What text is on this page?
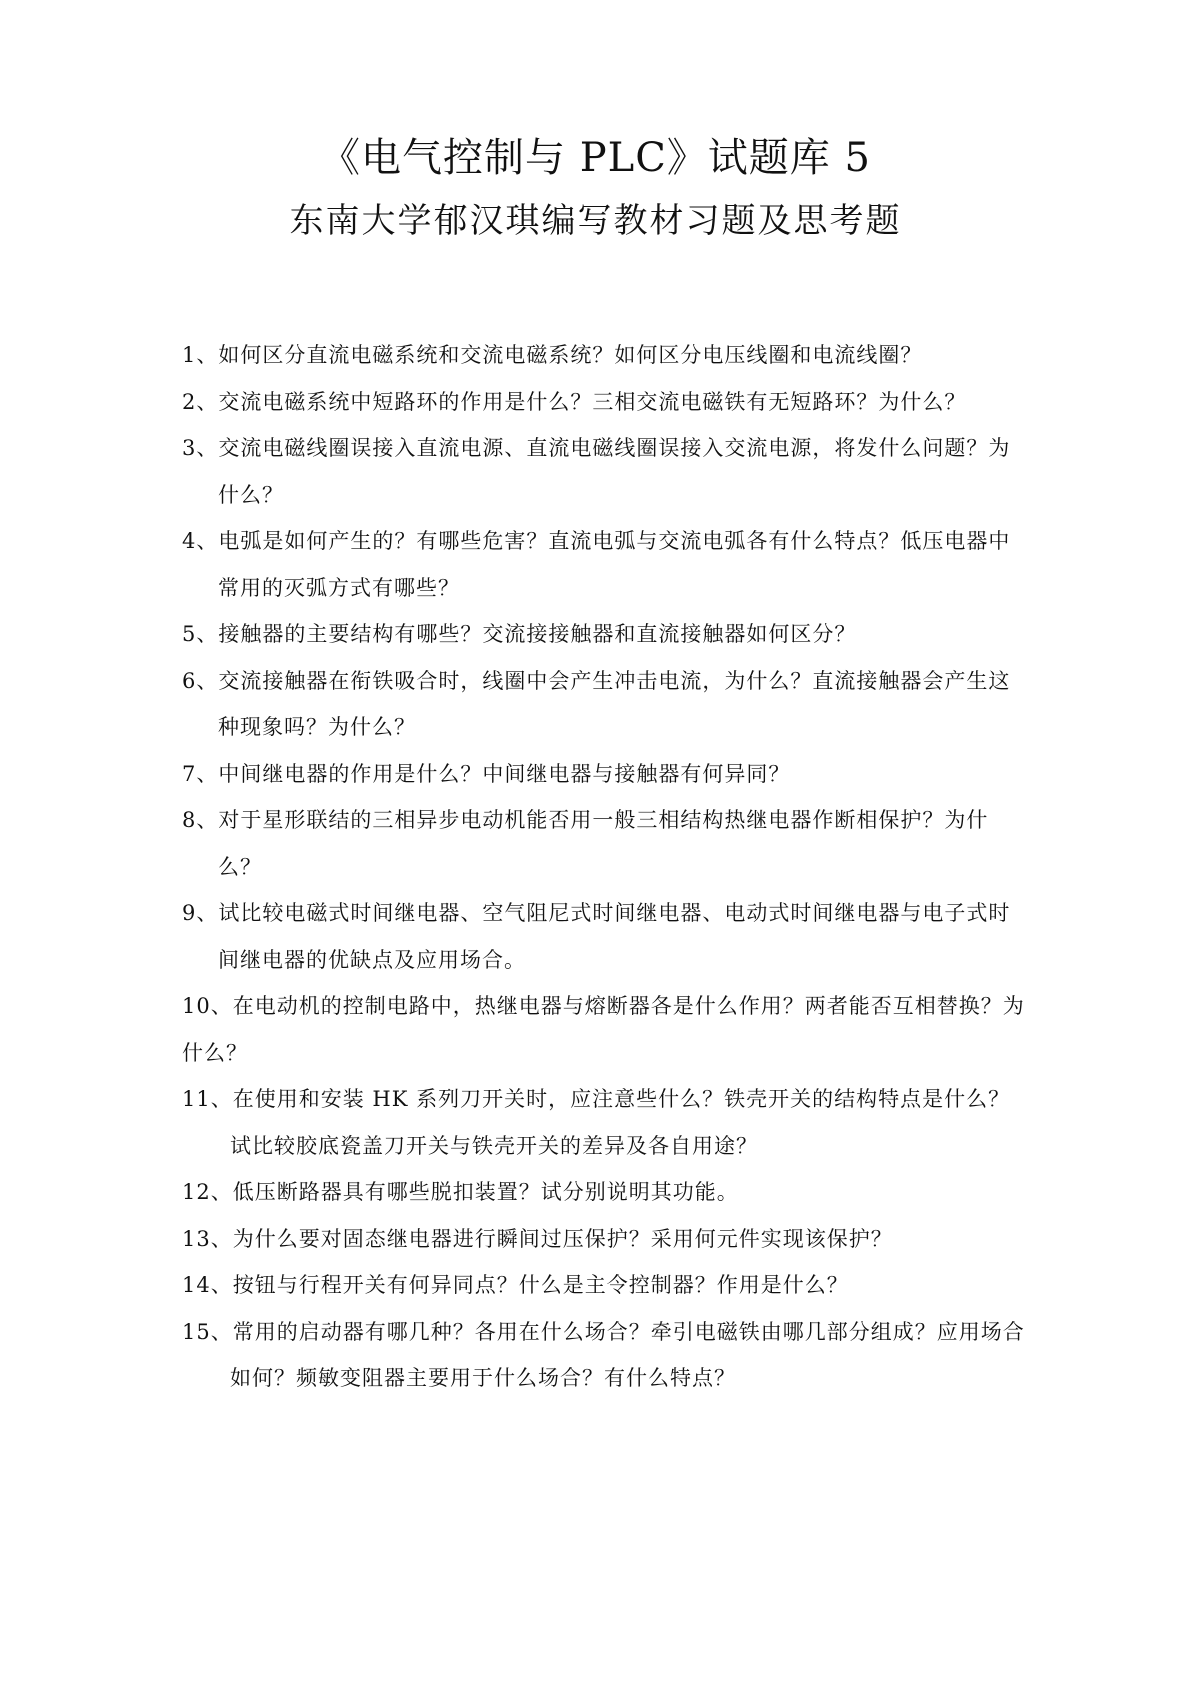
《电气控制与 PLC》试题库 5
东南大学郁汉琪编写教材习题及思考题
1、如何区分直流电磁系统和交流电磁系统？如何区分电压线圈和电流线圈？
2、交流电磁系统中短路环的作用是什么？三相交流电磁铁有无短路环？为什么？
3、交流电磁线圈误接入直流电源、直流电磁线圈误接入交流电源，将发什么问题？为什么？
4、电弧是如何产生的？有哪些危害？直流电弧与交流电弧各有什么特点？低压电器中常用的灭弧方式有哪些？
5、接触器的主要结构有哪些？交流接接触器和直流接触器如何区分？
6、交流接触器在衔铁吸合时，线圈中会产生冲击电流，为什么？直流接触器会产生这种现象吗？为什么？
7、中间继电器的作用是什么？中间继电器与接触器有何异同？
8、对于星形联结的三相异步电动机能否用一般三相结构热继电器作断相保护？为什么？
9、试比较电磁式时间继电器、空气阻尼式时间继电器、电动式时间继电器与电子式时间继电器的优缺点及应用场合。
10、在电动机的控制电路中，热继电器与熔断器各是什么作用？两者能否互相替换？为什么？
11、在使用和安装 HK 系列刀开关时，应注意些什么？铁壳开关的结构特点是什么？试比较胶底瓷盖刀开关与铁壳开关的差异及各自用途？
12、低压断路器具有哪些脱扣装置？试分别说明其功能。
13、为什么要对固态继电器进行瞬间过压保护？采用何元件实现该保护？
14、按钮与行程开关有何异同点？什么是主令控制器？作用是什么？
15、常用的启动器有哪几种？各用在什么场合？牵引电磁铁由哪几部分组成？应用场合如何？频敏变阻器主要用于什么场合？有什么特点？
